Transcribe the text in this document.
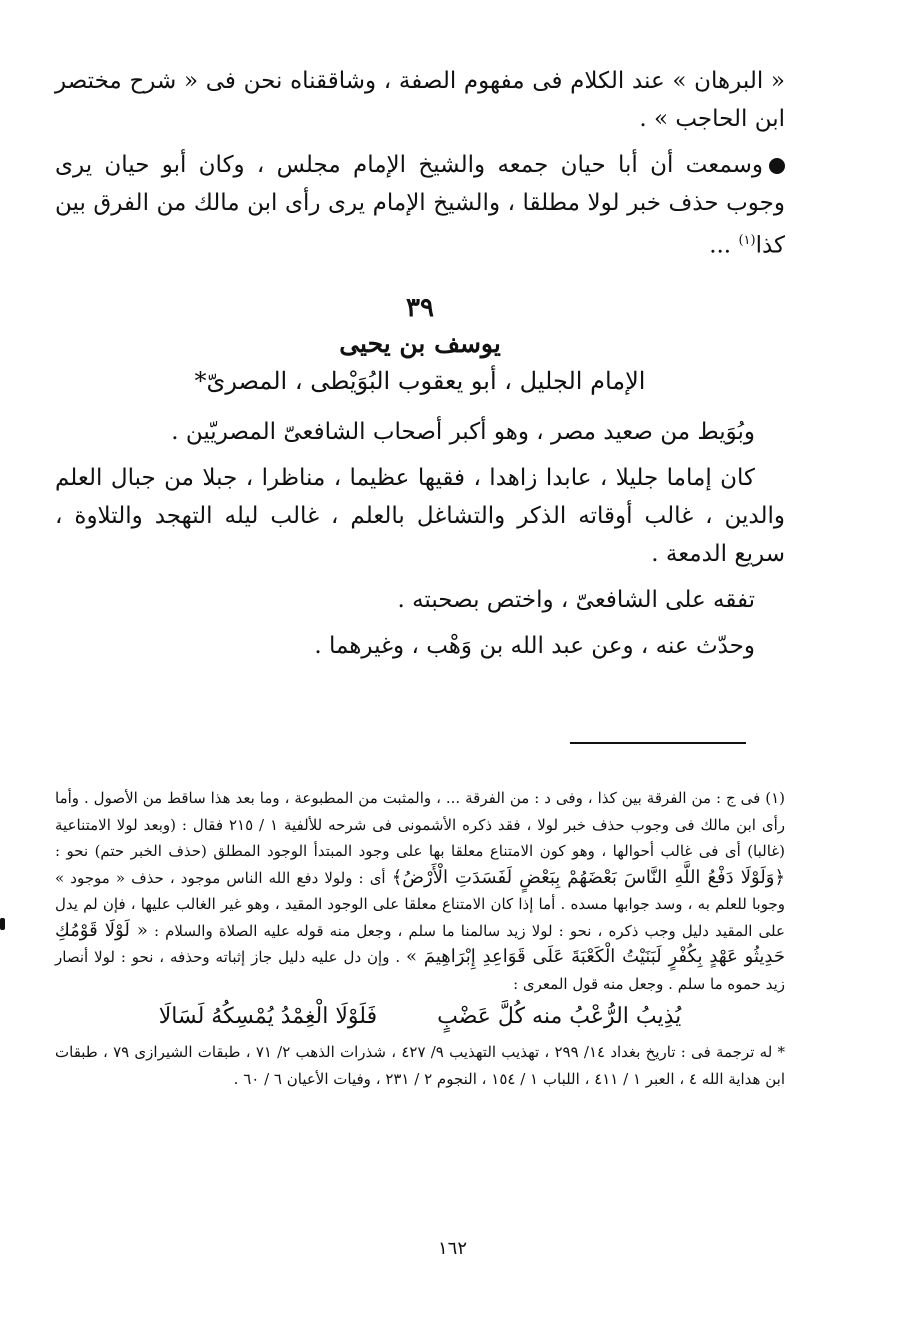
« البرهان » عند الكلام فى مفهوم الصفة ، وشاققناه نحن فى « شرح مختصر ابن الحاجب » .

وسمعت أن أبا حيان جمعه والشيخ الإمام مجلس ، وكان أبو حيان يرى وجوب حذف خبر لولا مطلقا ، والشيخ الإمام يرى رأى ابن مالك من الفرق بين كذا$^{(١)}$ ...

٣٩
يوسف بن يحيى
الإمام الجليل ، أبو يعقوب البُوَيْطى ، المصرىّ*

وبُوَيط من صعيد مصر ، وهو أكبر أصحاب الشافعىّ المصريّين .

كان إماما جليلا ، عابدا زاهدا ، فقيها عظيما ، مناظرا ، جبلا من جبال العلم والدين ، غالب أوقاته الذكر والتشاغل بالعلم ، غالب ليله التهجد والتلاوة ، سريع الدمعة .

تفقه على الشافعىّ ، واختص بصحبته .

وحدّث عنه ، وعن عبد الله بن وَهْب ، وغيرهما .

(١) فى ج : من الفرقة بين كذا ، وفى د : من الفرقة ... ، والمثبت من المطبوعة ، وما بعد هذا ساقط من الأصول . وأما رأى ابن مالك فى وجوب حذف خبر لولا ، فقد ذكره الأشمونى فى شرحه للألفية ١ / ٢١٥ فقال : (وبعد لولا الامتناعية (غالبا) أى فى غالب أحوالها ، وهو كون الامتناع معلقا بها على وجود المبتدأ الوجود المطلق (حذف الخبر حتم) نحو : ﴿وَلَوْلَا دَفْعُ اللَّهِ النَّاسَ بَعْضَهُمْ بِبَعْضٍ لَفَسَدَتِ الْأَرْضُ﴾ أى : ولولا دفع الله الناس موجود ، حذف « موجود » وجوبا للعلم به ، وسد جوابها مسده . أما إذا كان الامتناع معلقا على الوجود المقيد ، وهو غير الغالب عليها ، فإن لم يدل على المقيد دليل وجب ذكره ، نحو : لولا زيد سالمنا ما سلم ، وجعل منه قوله عليه الصلاة والسلام : « لَوْلَا قَوْمُكِ حَدِيثُو عَهْدٍ بِكُفْرٍ لَبَنَيْتُ الْكَعْبَةَ عَلَى قَوَاعِدِ إِبْرَاهِيمَ » . وإن دل عليه دليل جاز إثباته وحذفه ، نحو : لولا أنصار زيد حموه ما سلم . وجعل منه قول المعرى :

يُذِيبُ الرُّعْبُ منه كُلَّ عَضْبٍ
فَلَوْلَا الْغِمْدُ يُمْسِكُهُ لَسَالَا

* له ترجمة فى : تاريخ بغداد ١٤/ ٢٩٩ ، تهذيب التهذيب ٩/ ٤٢٧ ، شذرات الذهب ٢/ ٧١ ، طبقات الشيرازى ٧٩ ، طبقات ابن هداية الله ٤ ، العبر ١ / ٤١١ ، اللباب ١ / ١٥٤ ، النجوم ٢ / ٢٣١ ، وفيات الأعيان ٦ / ٦٠ .

١٦٢
